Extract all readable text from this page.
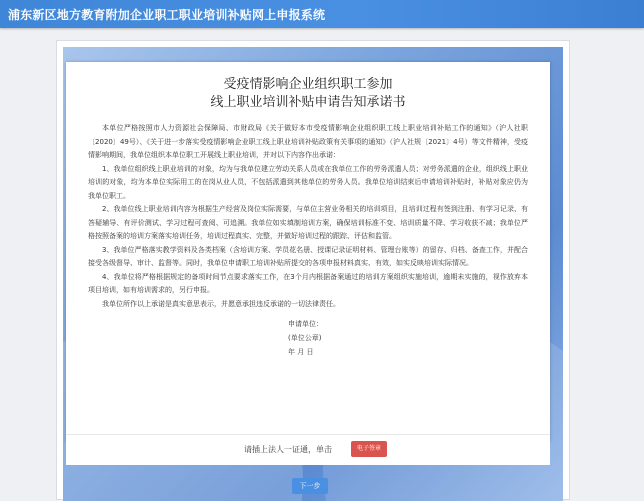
浦东新区地方教育附加企业职工职业培训补贴网上申报系统
受疫情影响企业组织职工参加
线上职业培训补贴申请告知承诺书

本单位严格按照市人力资源社会保障局、市财政局《关于做好本市受疫情影响企业组织职工线上职业培训补贴工作的通知》（沪人社职〔2020〕49号）、《关于进一步落实受疫情影响企业职工线上职业培训补贴政策有关事项的通知》（沪人社规〔2021〕4号）等文件精神，受疫情影响期间，我单位组织本单位职工开展线上职业培训，并对以下内容作出承诺：

1、我单位组织线上职业培训的对象，均为与我单位建立劳动关系人员或在我单位工作的劳务派遣人员；对劳务派遣的企业，组织线上职业培训的对象，均为本单位实际用工的在岗从业人员，不包括派遣到其他单位的劳务人员。我单位培训结束后申请培训补贴时，补贴对象应仍为我单位职工。

2、我单位线上职业培训内容为根据生产经营及岗位实际需要，与单位主营业务相关的培训项目，且培训过程有签到注册、有学习记录、有答疑辅导、有评价测试、学习过程可查阅、可追溯。我单位如实填制培训方案，确保培训标准不变、培训质量不降、学习收获不减；我单位严格按照备案的培训方案落实培训任务，培训过程真实、完整，并做好培训过程的跟踪、评估和监管。

3、我单位严格落实教学资料及各类档案（含培训方案、学员花名册、授课记录证明材料、管理台账等）的留存、归档、备查工作，并配合接受各级督导、审计、监督等。同时，我单位申请职工培训补贴所提交的各项申报材料真实、有效，如实反映培训实际情况。

4、我单位将严格根据规定的备项时间节点要求落实工作，在3个月内根据备案通过的培训方案组织实施培训，逾期未实施的，视作放弃本项目培训，如有培训需求的，另行申报。

我单位所作以上承诺是真实意思表示，并愿意承担违反承诺的一切法律责任。

申请单位：
(单位公章)
年 月 日
请插上法人一证通，单击	电子签章
下一步
